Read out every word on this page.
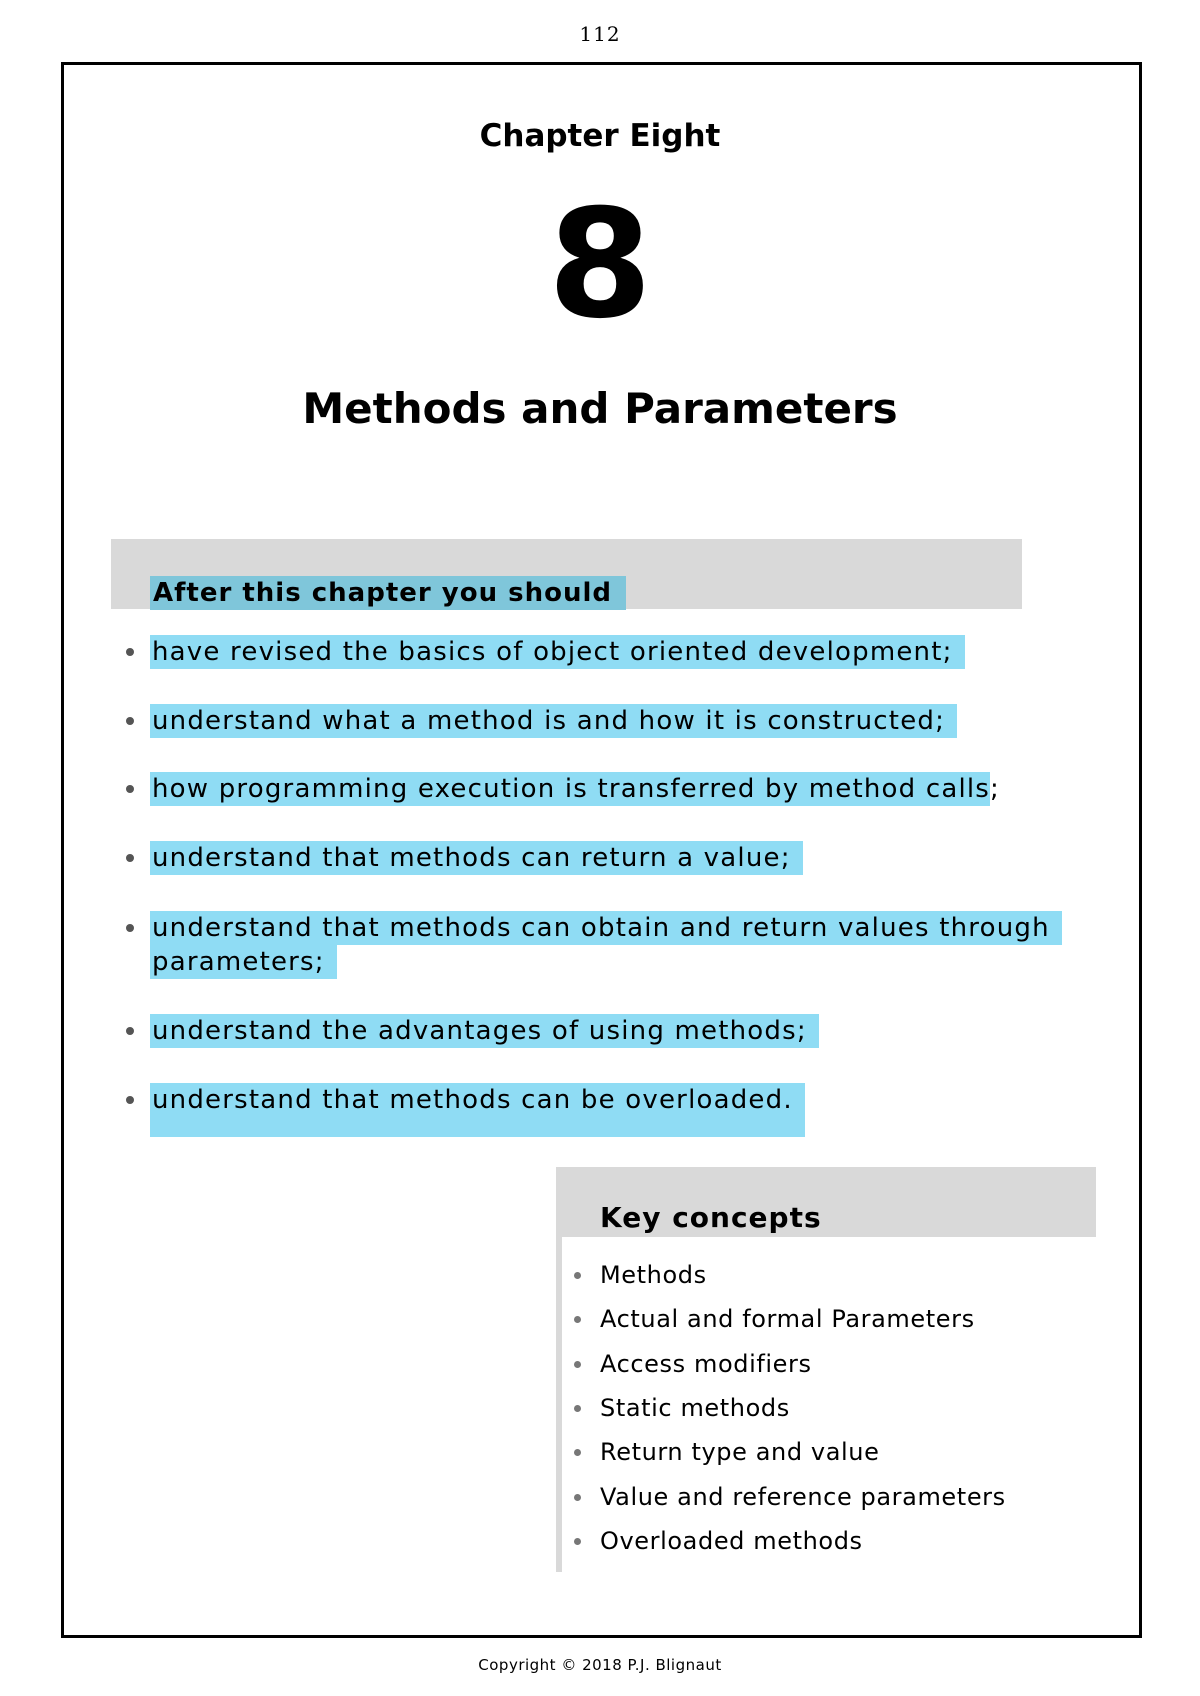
112
Chapter Eight
8
Methods and Parameters
After this chapter you should
have revised the basics of object oriented development;
understand what a method is and how it is constructed;
how programming execution is transferred by method calls;
understand that methods can return a value;
understand that methods can obtain and return values through
parameters;
understand the advantages of using methods;
understand that methods can be overloaded.
Key concepts
Methods
Actual and formal Parameters
Access modifiers
Static methods
Return type and value
Value and reference parameters
Overloaded methods
Copyright © 2018 P.J. Blignaut
